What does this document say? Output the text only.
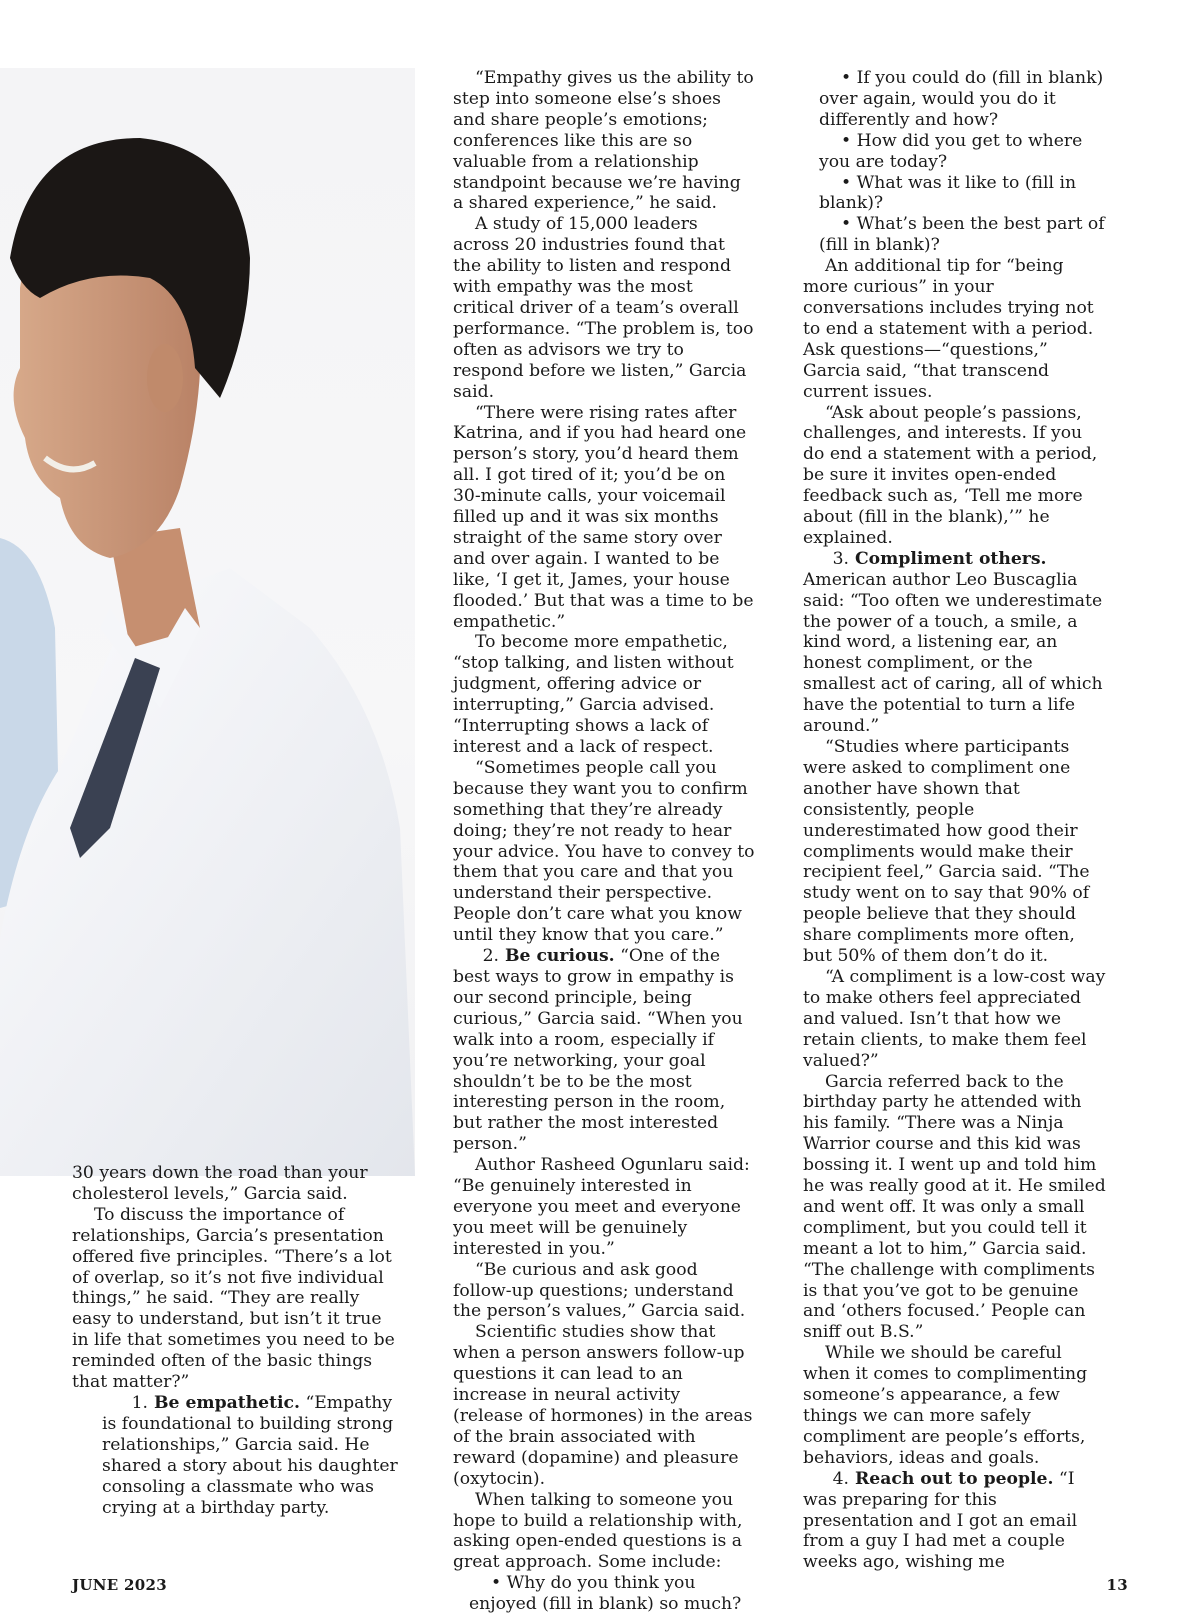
30 years down the road than your cholesterol levels,” Garcia said.

To discuss the importance of relationships, Garcia’s presentation offered five principles. “There’s a lot of overlap, so it’s not five individual things,” he said. “They are really easy to understand, but isn’t it true in life that sometimes you need to be reminded often of the basic things that matter?”

1. Be empathetic. “Empathy is foundational to building strong relationships,” Garcia said. He shared a story about his daughter consoling a classmate who was crying at a birthday party.

“Empathy gives us the ability to step into someone else’s shoes and share people’s emotions; conferences like this are so valuable from a relationship standpoint because we’re having a shared experience,” he said.

A study of 15,000 leaders across 20 industries found that the ability to listen and respond with empathy was the most critical driver of a team’s overall performance. “The problem is, too often as advisors we try to respond before we listen,” Garcia said.

“There were rising rates after Katrina, and if you had heard one person’s story, you’d heard them all. I got tired of it; you’d be on 30-minute calls, your voicemail filled up and it was six months straight of the same story over and over again. I wanted to be like, ‘I get it, James, your house flooded.’ But that was a time to be empathetic.”

To become more empathetic, “stop talking, and listen without judgment, offering advice or interrupting,” Garcia advised. “Interrupting shows a lack of interest and a lack of respect.

“Sometimes people call you because they want you to confirm something that they’re already doing; they’re not ready to hear your advice. You have to convey to them that you care and that you understand their perspective. People don’t care what you know until they know that you care.”

2. Be curious. “One of the best ways to grow in empathy is our second principle, being curious,” Garcia said. “When you walk into a room, especially if you’re networking, your goal shouldn’t be to be the most interesting person in the room, but rather the most interested person.”

Author Rasheed Ogunlaru said: “Be genuinely interested in everyone you meet and everyone you meet will be genuinely interested in you.”

“Be curious and ask good follow-up questions; understand the person’s values,” Garcia said.

Scientific studies show that when a person answers follow-up questions it can lead to an increase in neural activity (release of hormones) in the areas of the brain associated with reward (dopamine) and pleasure (oxytocin).

When talking to someone you hope to build a relationship with, asking open-ended questions is a great approach. Some include:

• Why do you think you enjoyed (fill in blank) so much?

• If you could do (fill in blank) over again, would you do it differently and how?

• How did you get to where you are today?

• What was it like to (fill in blank)?

• What’s been the best part of (fill in blank)?

An additional tip for “being more curious” in your conversations includes trying not to end a statement with a period. Ask questions—“questions,” Garcia said, “that transcend current issues.

“Ask about people’s passions, challenges, and interests. If you do end a statement with a period, be sure it invites open-ended feedback such as, ‘Tell me more about (fill in the blank),’” he explained.

3. Compliment others. American author Leo Buscaglia said: “Too often we underestimate the power of a touch, a smile, a kind word, a listening ear, an honest compliment, or the smallest act of caring, all of which have the potential to turn a life around.”

“Studies where participants were asked to compliment one another have shown that consistently, people underestimated how good their compliments would make their recipient feel,” Garcia said. “The study went on to say that 90% of people believe that they should share compliments more often, but 50% of them don’t do it.

“A compliment is a low-cost way to make others feel appreciated and valued. Isn’t that how we retain clients, to make them feel valued?”

Garcia referred back to the birthday party he attended with his family. “There was a Ninja Warrior course and this kid was bossing it. I went up and told him he was really good at it. He smiled and went off. It was only a small compliment, but you could tell it meant a lot to him,” Garcia said. “The challenge with compliments is that you’ve got to be genuine and ‘others focused.’ People can sniff out B.S.”

While we should be careful when it comes to complimenting someone’s appearance, a few things we can more safely compliment are people’s efforts, behaviors, ideas and goals.

4. Reach out to people. “I was preparing for this presentation and I got an email from a guy I had met a couple weeks ago, wishing me

JUNE 2023	13
